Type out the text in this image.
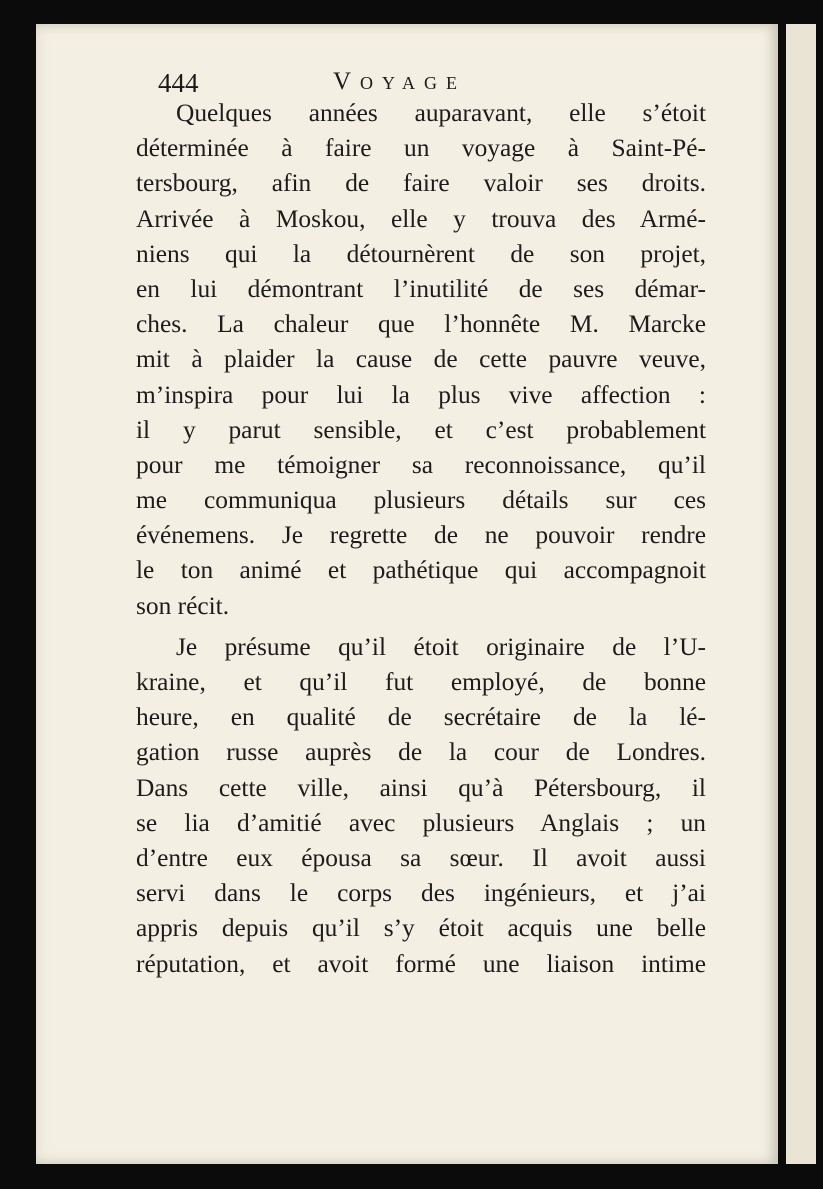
444	Voyage
Quelques années auparavant, elle s’étoit
déterminée à faire un voyage à Saint-Pé-
tersbourg, afin de faire valoir ses droits.
Arrivée à Moskou, elle y trouva des Armé-
niens qui la détournèrent de son projet,
en lui démontrant l’inutilité de ses démar-
ches. La chaleur que l’honnête M. Marcke
mit à plaider la cause de cette pauvre veuve,
m’inspira pour lui la plus vive affection :
il y parut sensible, et c’est probablement
pour me témoigner sa reconnoissance, qu’il
me communiqua plusieurs détails sur ces
événemens. Je regrette de ne pouvoir rendre
le ton animé et pathétique qui accompagnoit
son récit.
Je présume qu’il étoit originaire de l’U-
kraine, et qu’il fut employé, de bonne
heure, en qualité de secrétaire de la lé-
gation russe auprès de la cour de Londres.
Dans cette ville, ainsi qu’à Pétersbourg, il
se lia d’amitié avec plusieurs Anglais ; un
d’entre eux épousa sa sœur. Il avoit aussi
servi dans le corps des ingénieurs, et j’ai
appris depuis qu’il s’y étoit acquis une belle
réputation, et avoit formé une liaison intime
